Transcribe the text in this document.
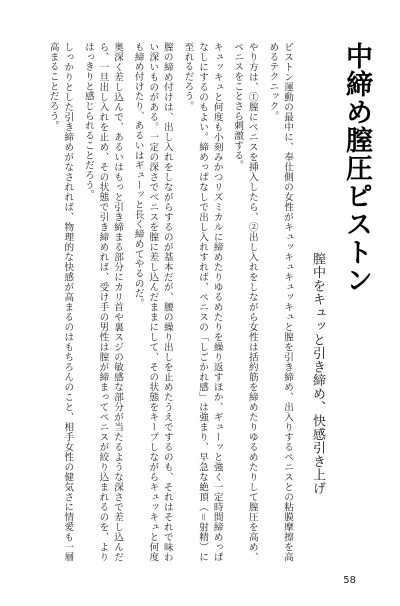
中締め膣圧ピストン
膣中をキュッと引き締め、快感引き上げ

ピストン運動の最中に、奉仕側の女性がキュッキュキュッキュと膣を引き締め、出入りするペニスとの粘膜摩擦を高めるテクニック。

やり方は、①膣にペニスを挿入したら、②出し入れをしながら女性は括約筋を締めたりゆるめたりして膣圧を高め、ペニスをことさら刺激する。

キュッキュと何度も小刻みかつリズミカルに締めたりゆるめたりを繰り返すほか、ギューッと強く一定時間締めっぱなしにするのもよい。締めっぱなしで出し入れすれば、ペニスの「しごかれ感」は強まり、早急な絶頂（＝射精）に至れるだろう。

膣の締め付けは、出し入れをしながらするのが基本だが、腰の繰り出しを止めたうえでするのも、それはそれで味わい深いものがある。一定の深さでペニスを膣に差し込んだままにして、その状態をキープしながらキュッキュと何度も締め付けたり、あるいはギューッと長く締めてやるのだ。

奥深く差し込んで、あるいはもっと引き締まる部分にカリ首や裏スジの敏感な部分が当たるような深さで差し込んだら、一旦出し入れを止め、その状態で引き締めれば、受け手の男性は膣が締まってペニスが絞り込まれるのを、よりはっきりと感じられることだろう。

しっかりとした引き締めがなされれば、物理的な快感が高まるのはもちろんのこと、相手女性の健気さに情愛も一層高まることだろう。

58
